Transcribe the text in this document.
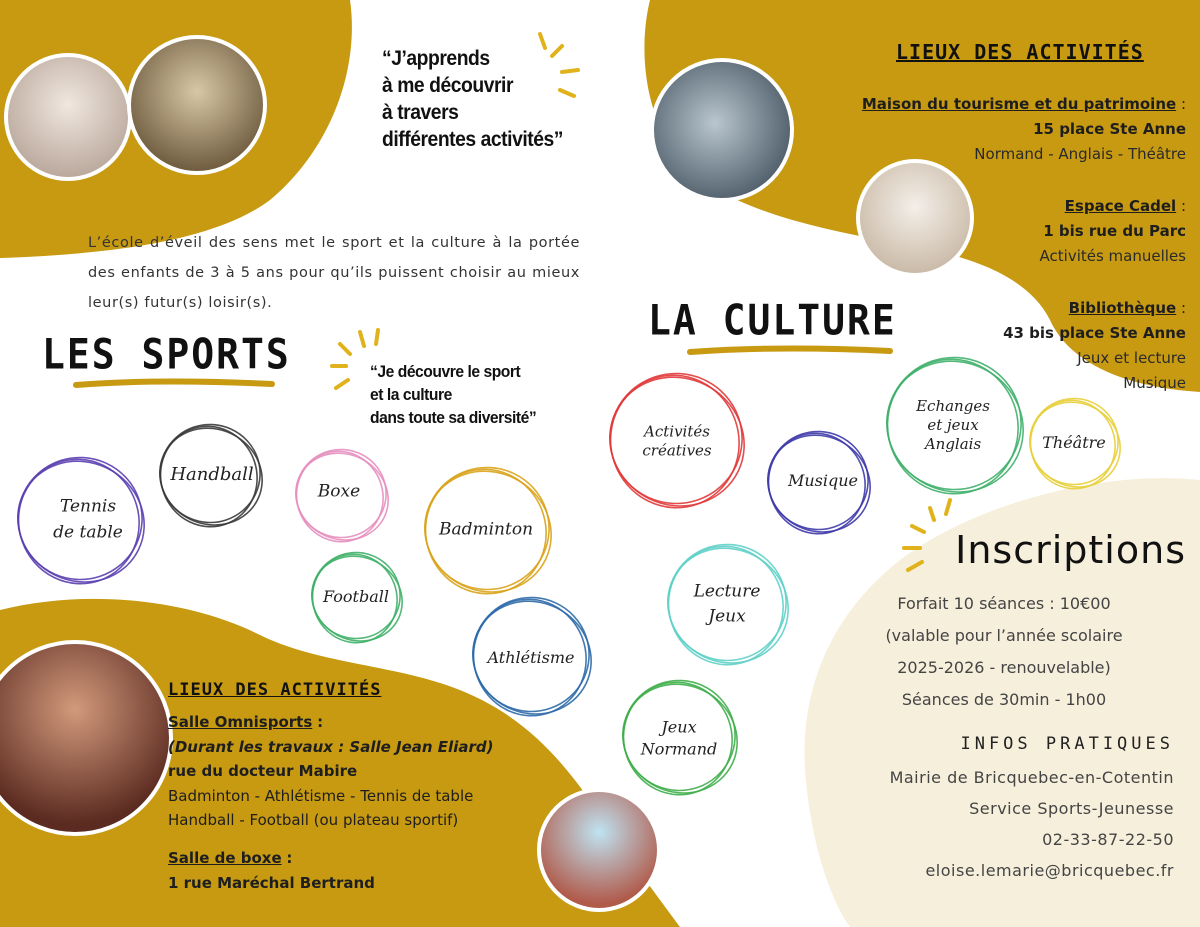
“J’apprends
à me découvrir
à travers
différentes activités”
“Je découvre le sport
et la culture
dans toute sa diversité”

L’école d’éveil des sens met le sport et la culture à la portée des enfants de 3 à 5 ans pour qu’ils puissent choisir au mieux leur(s) futur(s) loisir(s).

LES SPORTS
LA CULTURE
Tennis
de table
Handball
Boxe
Badminton
Football
Athlétisme
Activités
créatives
Musique
Echanges
et jeux
Anglais	Théâtre
Lecture
Jeux
Jeux
Normand
LIEUX DES ACTIVITÉS
Maison du tourisme et du patrimoine :
15 place Ste Anne
Normand - Anglais - Théâtre
Espace Cadel :
1 bis rue du Parc
Activités manuelles
Bibliothèque :
43 bis place Ste Anne
Jeux et lecture
Musique
LIEUX DES ACTIVITÉS
Salle Omnisports :
(Durant les travaux : Salle Jean Eliard)
rue du docteur Mabire
Badminton - Athlétisme - Tennis de table
Handball - Football (ou plateau sportif)
Salle de boxe :
1 rue Maréchal Bertrand
Inscriptions
Forfait 10 séances : 10€00
(valable pour l’année scolaire
2025-2026 - renouvelable)
Séances de 30min - 1h00
INFOS PRATIQUES
Mairie de Bricquebec-en-Cotentin
Service Sports-Jeunesse
02-33-87-22-50
eloise.lemarie@bricquebec.fr
